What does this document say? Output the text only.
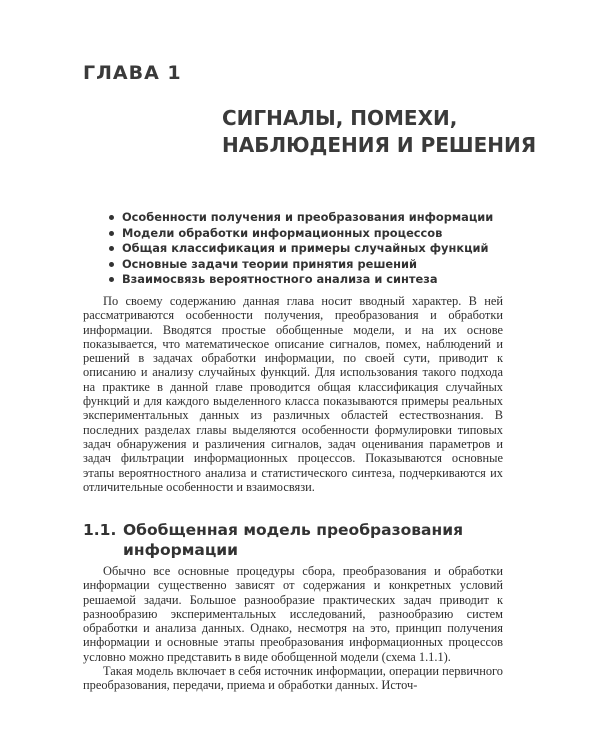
ГЛАВА 1
СИГНАЛЫ, ПОМЕХИ, НАБЛЮДЕНИЯ И РЕШЕНИЯ
Особенности получения и преобразования информации
Модели обработки информационных процессов
Общая классификация и примеры случайных функций
Основные задачи теории принятия решений
Взаимосвязь вероятностного анализа и синтеза

По своему содержанию данная глава носит вводный характер. В ней рассматриваются особенности получения, преобразования и обработки информации. Вводятся простые обобщенные модели, и на их основе показывается, что математическое описание сигналов, помех, наблюдений и решений в задачах обработки информации, по своей сути, приводит к описанию и анализу случайных функций. Для использования такого подхода на практике в данной главе проводится общая классификация случайных функций и для каждого выделенного класса показываются примеры реальных экспериментальных данных из различных областей естествознания. В последних разделах главы выделяются особенности формулировки типовых задач обнаружения и различения сигналов, задач оценивания параметров и задач фильтрации информационных процессов. Показываются основные этапы вероятностного анализа и статистического синтеза, подчеркиваются их отличительные особенности и взаимосвязи.

1.1. Обобщенная модель преобразования информации

Обычно все основные процедуры сбора, преобразования и обработки информации существенно зависят от содержания и конкретных условий решаемой задачи. Большое разнообразие практических задач приводит к разнообразию экспериментальных исследований, разнообразию систем обработки и анализа данных. Однако, несмотря на это, принцип получения информации и основные этапы преобразования информационных процессов условно можно представить в виде обобщенной модели (схема 1.1.1).

Такая модель включает в себя источник информации, операции первичного преобразования, передачи, приема и обработки данных. Источ-
